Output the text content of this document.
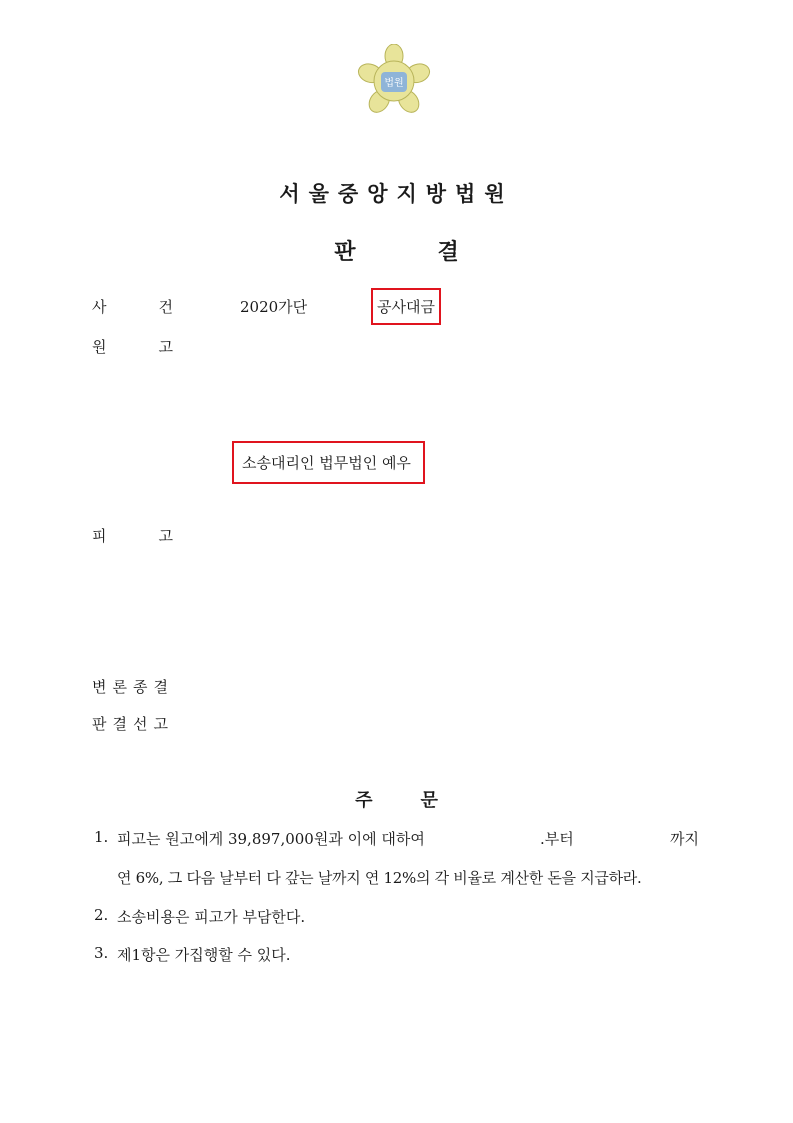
법원
서울중앙지방법원
판	결
사	건	2020가단	공사대금
원	고
소송대리인 법무법인 예우
피	고
변론종결
판결선고
주	문
1. 피고는 원고에게 39,897,000원과 이에 대하여	.부터	까지
연 6%, 그 다음 날부터 다 갚는 날까지 연 12%의 각 비율로 계산한 돈을 지급하라.
2. 소송비용은 피고가 부담한다.
3. 제1항은 가집행할 수 있다.
